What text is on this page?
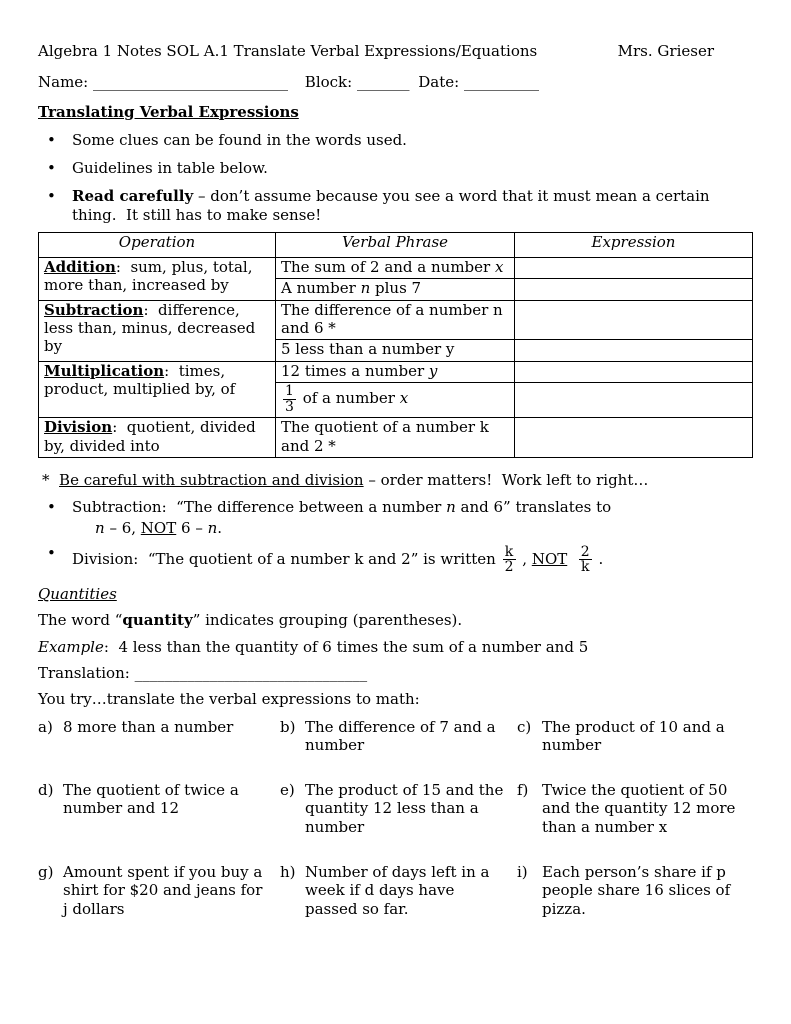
Algebra 1 Notes SOL A.1 Translate Verbal Expressions/Equations	Mrs. Grieser
Name: __________________________ Block: _______ Date: __________
Translating Verbal Expressions
•	Some clues can be found in the words used.
•	Guidelines in table below.
•	Read carefully – don’t assume because you see a word that it must mean a certain thing.  It still has to make sense!
Operation	Verbal Phrase	Expression
Addition:  sum, plus, total, more than, increased by	The sum of 2 and a number x	
	A number n plus 7	
Subtraction:  difference, less than, minus, decreased by	The difference of a number n and 6 *	
	5 less than a number y	
Multiplication:  times, product, multiplied by, of	12 times a number y	

	$\frac{1}{3}$ of a number x	
Division:  quotient, divided by, divided into	The quotient of a number k and 2 *	
*  Be careful with subtraction and division – order matters!  Work left to right…
•	Subtraction:  “The difference between a number n and 6” translates to
n – 6, NOT 6 – n.
•	Division:  “The quotient of a number k and 2” is written $\frac{k}{2}$ , NOT $\frac{2}{k}$ .
Quantities
The word “quantity” indicates grouping (parentheses).
Example:  4 less than the quantity of 6 times the sum of a number and 5
Translation: _______________________________
You try…translate the verbal expressions to math:
a) 8 more than a number	b) The difference of 7 and a number
c) The product of 10 and a number
d) The quotient of twice a number and 12
e) The product of 15 and the quantity 12 less than a number
f) Twice the quotient of 50 and the quantity 12 more than a number x
g) Amount spent if you buy a shirt for $20 and jeans for j dollars
h) Number of days left in a week if d days have passed so far.
i) Each person’s share if p people share 16 slices of pizza.
